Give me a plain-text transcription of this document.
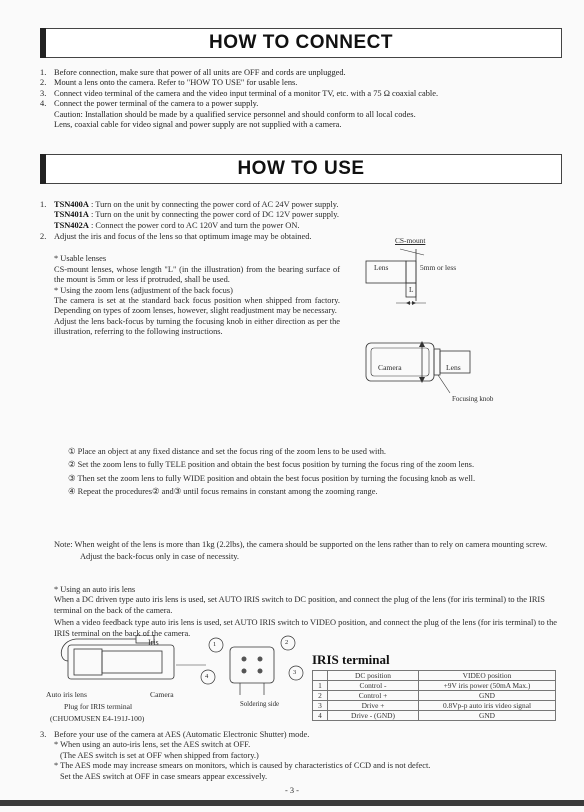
HOW TO CONNECT
1. Before connection, make sure that power of all units are OFF and cords are unplugged.
2. Mount a lens onto the camera. Refer to "HOW TO USE" for usable lens.
3. Connect video terminal of the camera and the video input terminal of a monitor TV, etc. with a 75 Ω coaxial cable.
4. Connect the power terminal of the camera to a power supply.
Caution: Installation should be made by a qualified service personnel and should conform to all local codes.
Lens, coaxial cable for video signal and power supply are not supplied with a camera.
HOW TO USE
1. TSN400A : Turn on the unit by connecting the power cord of AC 24V power supply.
TSN401A : Turn on the unit by connecting the power cord of DC 12V power supply.
TSN402A : Connect the power cord to AC 120V and turn the power ON.
2. Adjust the iris and focus of the lens so that optimum image may be obtained.
* Usable lenses
CS-mount lenses, whose length "L" (in the illustration) from the bearing surface of the mount is 5mm or less if protruded, shall be used.
* Using the zoom lens (adjustment of the back focus)
The camera is set at the standard back focus position when shipped from factory. Depending on types of zoom lenses, however, slight readjustment may be necessary.
Adjust the lens back-focus by turning the focusing knob in either direction as per the illustration, referring to the following instructions.
① Place an object at any fixed distance and set the focus ring of the zoom lens to be used with.
② Set the zoom lens to fully TELE position and obtain the best focus position by turning the focus ring of the zoom lens.
③ Then set the zoom lens to fully WIDE position and obtain the best focus position by turning the focusing knob as well.
④ Repeat the procedures② and③ until focus remains in constant among the zooming range.
Note: When weight of the lens is more than 1kg (2.2lbs), the camera should be supported on the lens rather than to rely on camera mounting screw.
Adjust the back-focus only in case of necessity.
* Using an auto iris lens
When a DC driven type auto iris lens is used, set AUTO IRIS switch to DC position, and connect the plug of the lens (for iris terminal) to the IRIS terminal on the back of the camera.
When a video feedback type auto iris lens is used, set AUTO IRIS switch to VIDEO position, and connect the plug of the lens (for iris terminal) to the IRIS terminal on the back of the camera.
CS-mount
Lens	5mm or less
L
Camera	Lens
Focusing knob
Iris	1	2
4
3
Soldering side
Auto iris lens	Camera
Plug for IRIS terminal
(CHUOMUSEN E4-191J-100)
IRIS terminal
	DC position	VIDEO position
1	Control -	+9V iris power (50mA Max.)
2	Control +	GND
3	Drive +	0.8Vp-p auto iris video signal
4	Drive - (GND)	GND
3. Before your use of the camera at AES (Automatic Electronic Shutter) mode.
* When using an auto-iris lens, set the AES switch at OFF.
(The AES switch is set at OFF when shipped from factory.)
* The AES mode may increase smears on monitors, which is caused by characteristics of CCD and is not defect.
Set the AES switch at OFF in case smears appear excessively.
- 3 -
